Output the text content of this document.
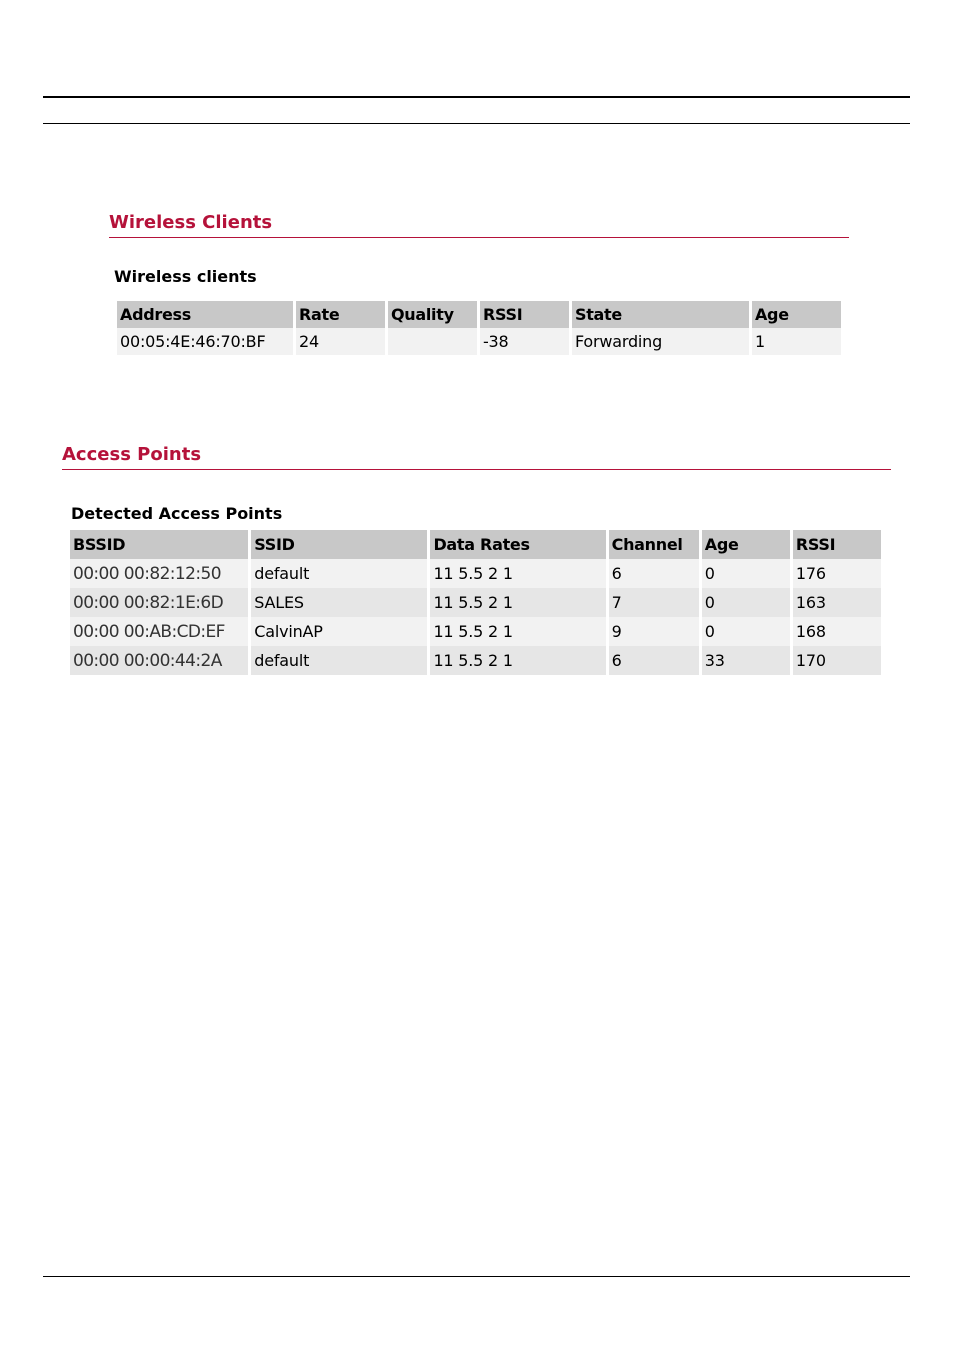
Wireless Clients
Wireless clients
Address	Rate	Quality	RSSI	State	Age
00:05:4E:46:70:BF	24		-38	Forwarding	1
Access Points
Detected Access Points
BSSID	SSID	Data Rates	Channel	Age	RSSI
00:00 00:82:12:50	default	11 5.5 2 1	6	0	176
00:00 00:82:1E:6D	SALES	11 5.5 2 1	7	0	163
00:00 00:AB:CD:EF	CalvinAP	11 5.5 2 1	9	0	168
00:00 00:00:44:2A	default	11 5.5 2 1	6	33	170
